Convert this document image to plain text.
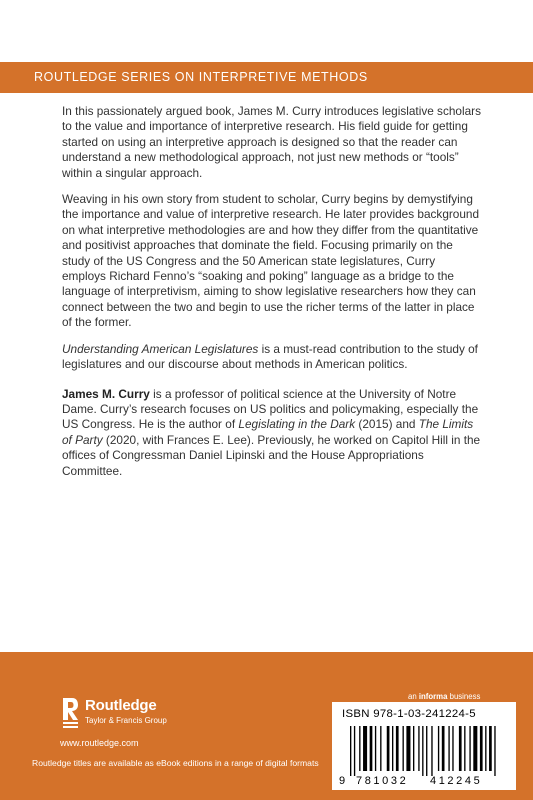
ROUTLEDGE SERIES ON INTERPRETIVE METHODS

In this passionately argued book, James M. Curry introduces legislative scholars to the value and importance of interpretive research. His field guide for getting started on using an interpretive approach is designed so that the reader can understand a new methodological approach, not just new methods or “tools” within a singular approach.

Weaving in his own story from student to scholar, Curry begins by demystifying the importance and value of interpretive research. He later provides background on what interpretive methodologies are and how they differ from the quantitative and positivist approaches that dominate the field. Focusing primarily on the study of the US Congress and the 50 American state legislatures, Curry employs Richard Fenno’s “soaking and poking” language as a bridge to the language of interpretivism, aiming to show legislative researchers how they can connect between the two and begin to use the richer terms of the latter in place of the former.

Understanding American Legislatures is a must-read contribution to the study of legislatures and our discourse about methods in American politics.

James M. Curry is a professor of political science at the University of Notre Dame. Curry’s research focuses on US politics and policymaking, especially the US Congress. He is the author of Legislating in the Dark (2015) and The Limits of Party (2020, with Frances E. Lee). Previously, he worked on Capitol Hill in the offices of Congressman Daniel Lipinski and the House Appropriations Committee.

Routledge
Taylor & Francis Group
www.routledge.com
Routledge titles are available as eBook editions in a range of digital formats
an informa business
ISBN 978-1-03-241224-5
9 781032 412245
